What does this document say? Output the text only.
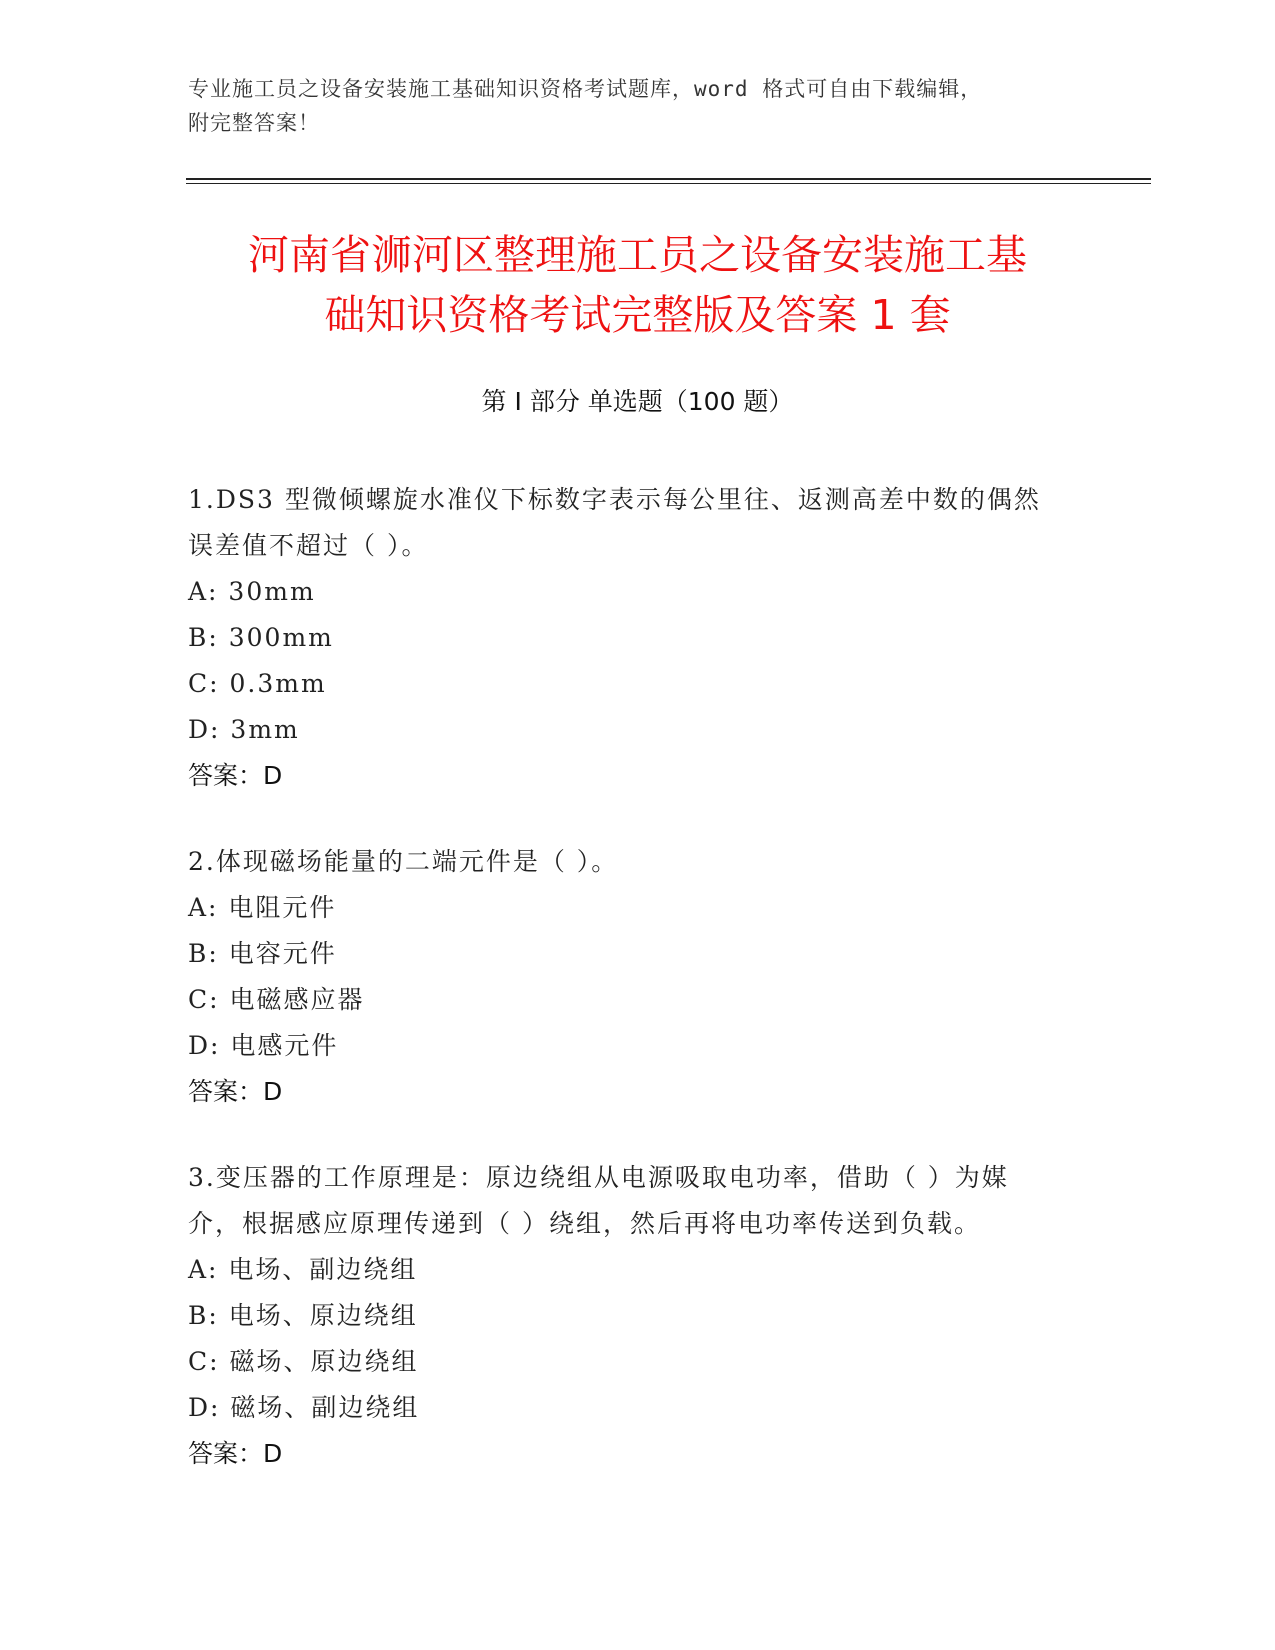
专业施工员之设备安装施工基础知识资格考试题库，word 格式可自由下载编辑，
附完整答案！
河南省浉河区整理施工员之设备安装施工基
础知识资格考试完整版及答案 1 套
第 I 部分 单选题（100 题）
1.DS3 型微倾螺旋水准仪下标数字表示每公里往、返测高差中数的偶然
误差值不超过（ ）。
A: 30mm
B: 300mm
C: 0.3mm
D: 3mm
答案：D
2.体现磁场能量的二端元件是（ ）。
A: 电阻元件
B: 电容元件
C: 电磁感应器
D: 电感元件
答案：D
3.变压器的工作原理是：原边绕组从电源吸取电功率，借助（ ）为媒
介，根据感应原理传递到（ ）绕组，然后再将电功率传送到负载。
A: 电场、副边绕组
B: 电场、原边绕组
C: 磁场、原边绕组
D: 磁场、副边绕组
答案：D
